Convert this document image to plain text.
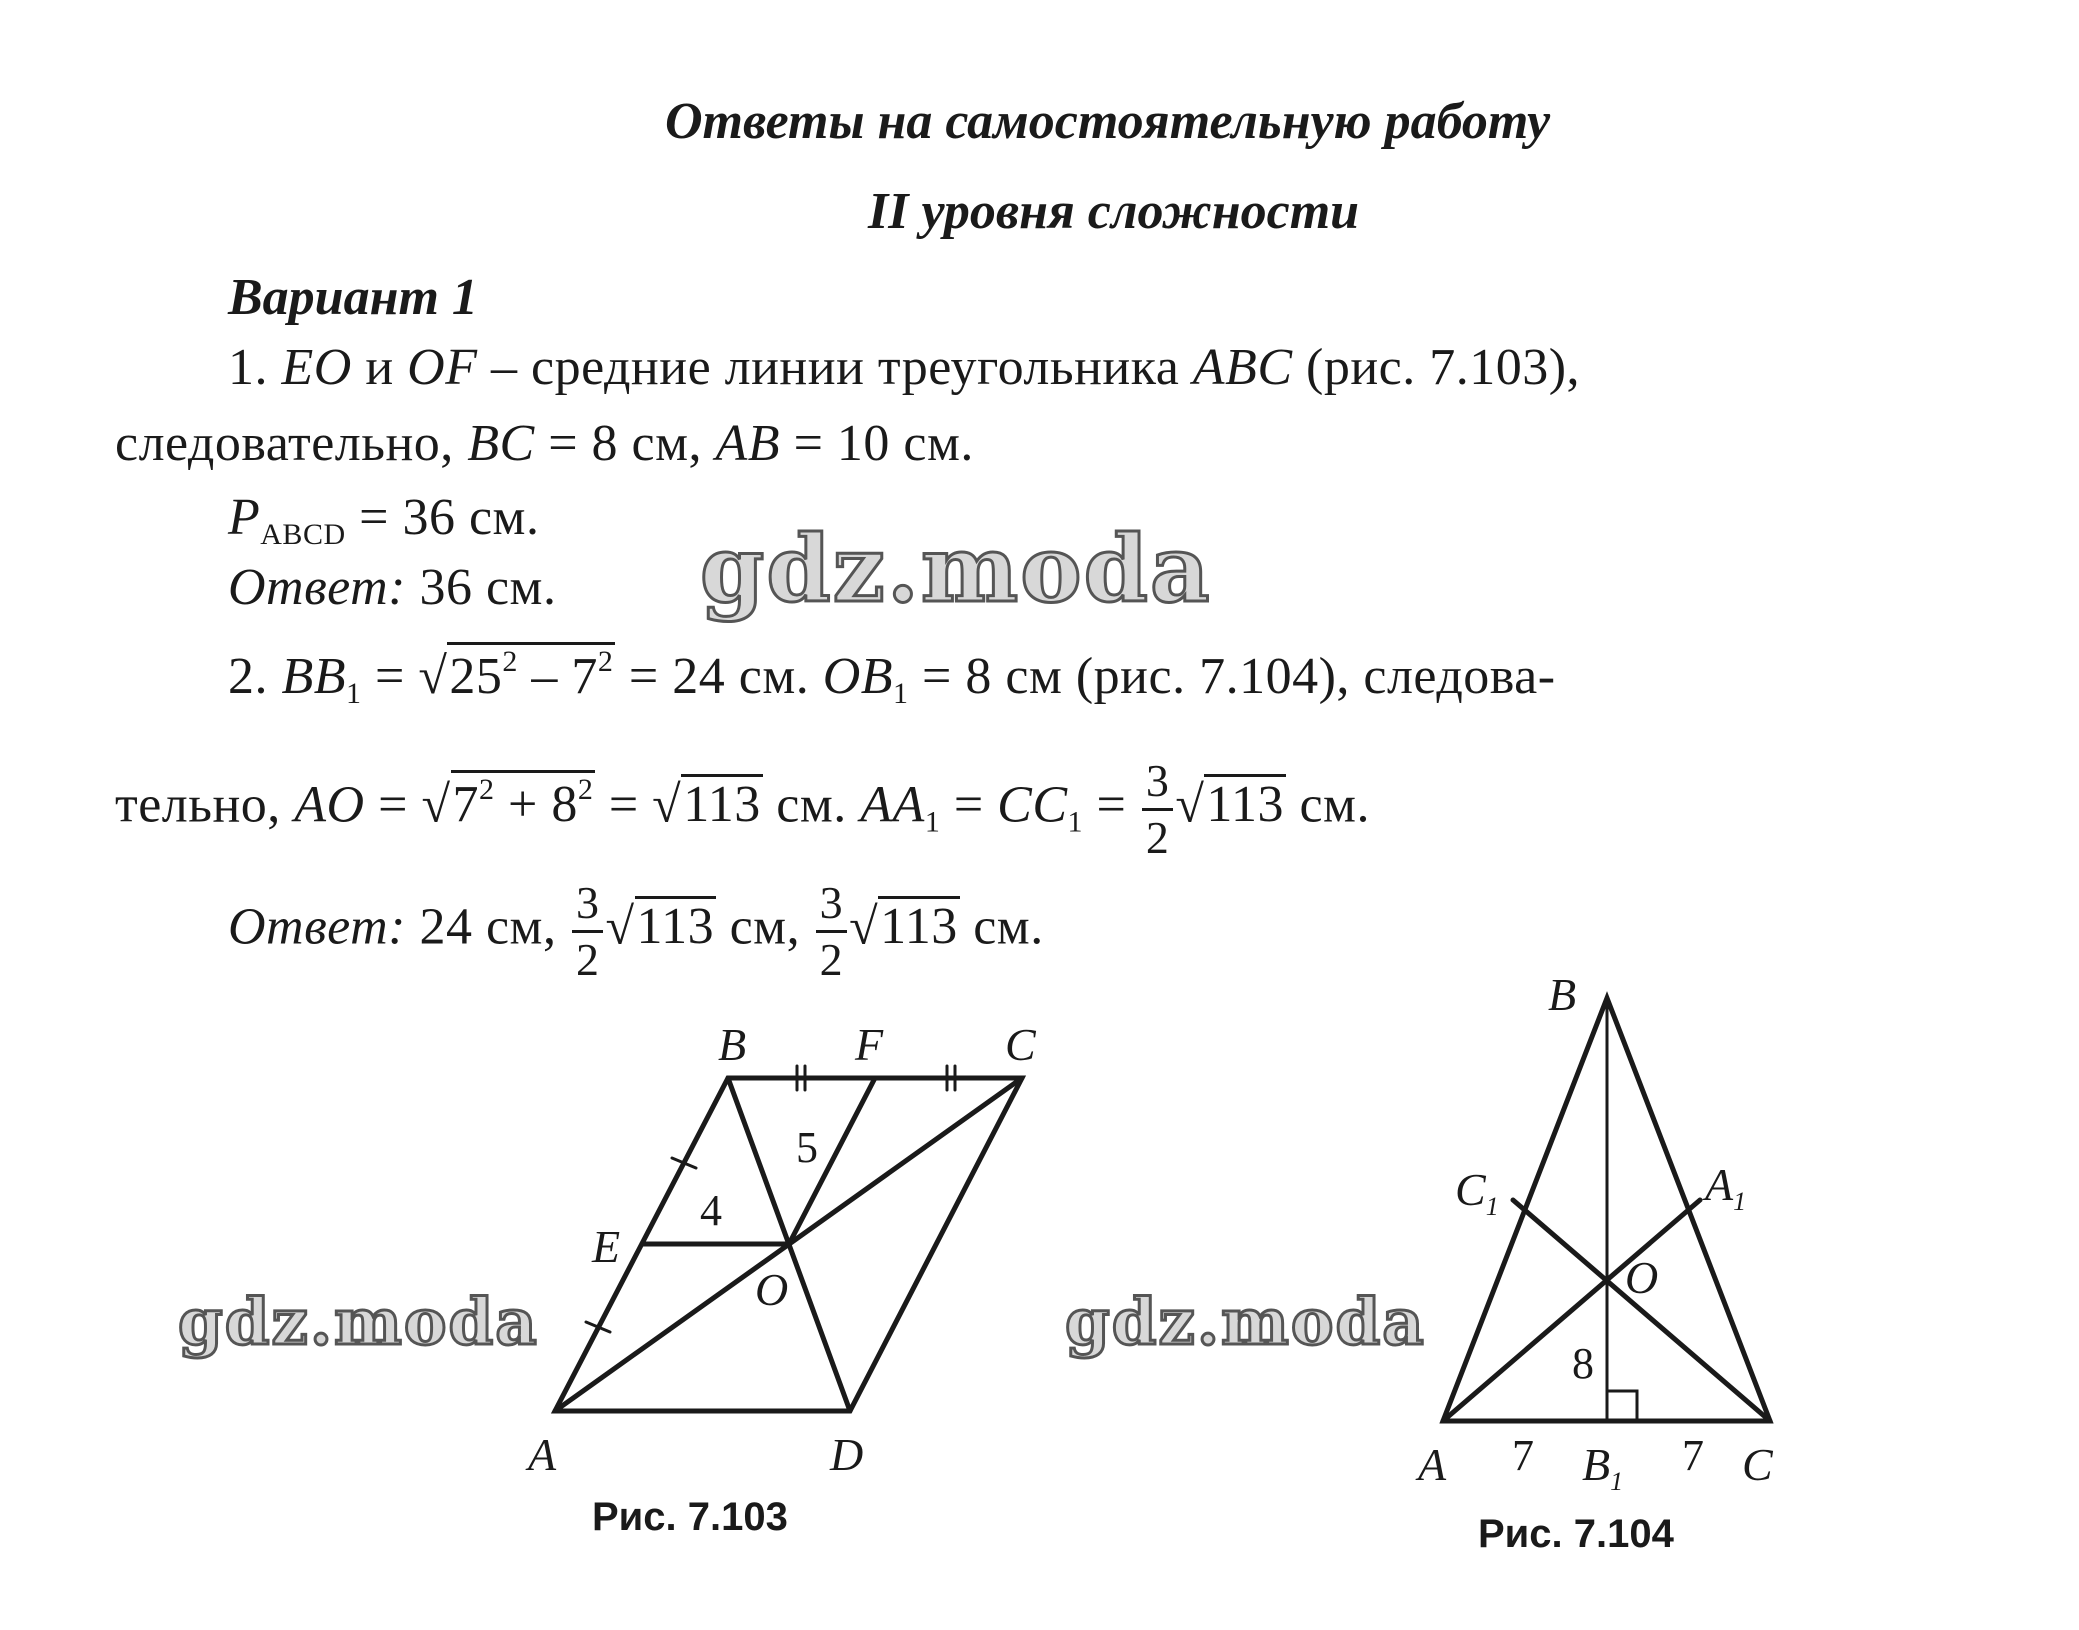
Ответы на самостоятельную работу
II уровня сложности
Вариант 1
1. EO и OF – средние линии треугольника ABC (рис. 7.103),
следовательно, BC = 8 см, AB = 10 см.
$P_{ABCD} = 36$ см.
Ответ: 36 см.
2. $BB_1 = √25^2 - 7^2 = 24$ см. $OB_1 = 8$ см (рис. 7.104), следова-
тельно, AO = $√7^2 + 8^2 = √113$ см. $AA_1 = CC_1 = \frac{3}{2} √113$ см.
Ответ: 24 см, $\frac{3}{2} √113$ см, $\frac{3}{2} √113$ см.
A
B	C
D
E
F
O
4
5
B
A	C
$C_1$	$A_1$
$B_1$
O
8
7	7
Рис. 7.103	Рис. 7.104
gdz.moda
gdz.moda	gdz.moda
